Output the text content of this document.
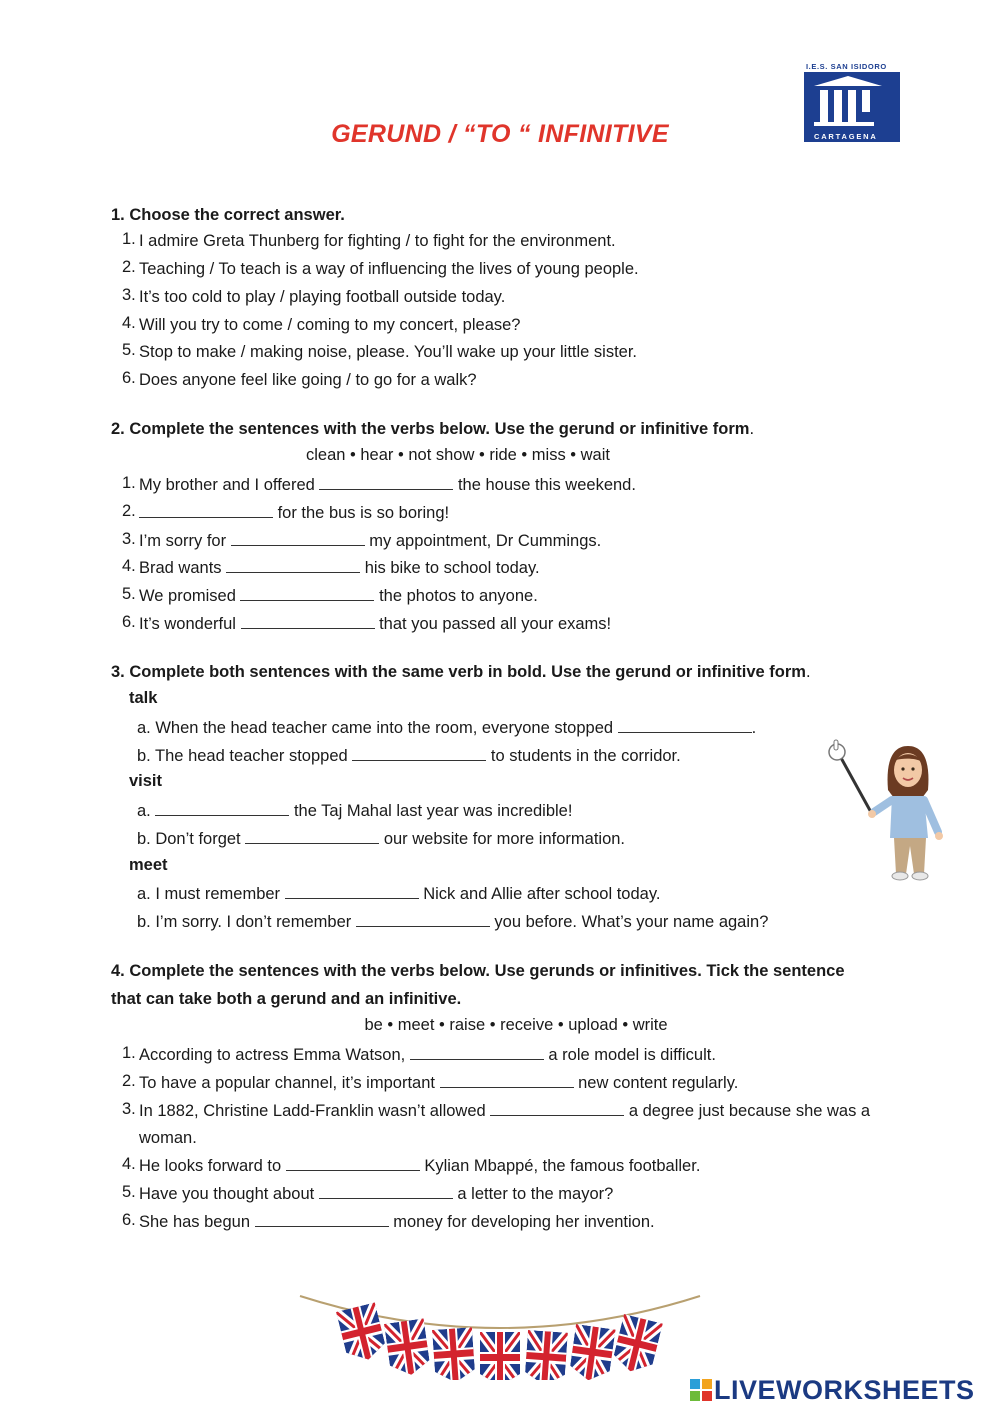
GERUND / “TO “ INFINITIVE
I.E.S. SAN ISIDORO
CARTAGENA
1. Choose the correct answer.
1. I admire Greta Thunberg for fighting / to fight for the environment.
2. Teaching / To teach is a way of influencing the lives of young people.
3. It’s too cold to play / playing football outside today.
4. Will you try to come / coming to my concert, please?
5. Stop to make / making noise, please. You’ll wake up your little sister.
6. Does anyone feel like going / to go for a walk?
2. Complete the sentences with the verbs below. Use the gerund or infinitive form.
clean • hear • not show • ride • miss • wait
1. My brother and I offered	the house this weekend.
2.	for the bus is so boring!
3. I’m sorry for	my appointment, Dr Cummings.
4. Brad wants	his bike to school today.
5. We promised	the photos to anyone.
6. It’s wonderful	that you passed all your exams!
3. Complete both sentences with the same verb in bold. Use the gerund or infinitive form.
talk
a. When the head teacher came into the room, everyone stopped	.
b. The head teacher stopped	to students in the corridor.
visit
a.	the Taj Mahal last year was incredible!
b. Don’t forget	our website for more information.
meet
a. I must remember	Nick and Allie after school today.
b. I’m sorry. I don’t remember	you before. What’s your name again?
4. Complete the sentences with the verbs below. Use gerunds or infinitives. Tick the sentence
that can take both a gerund and an infinitive.
be • meet • raise • receive • upload • write
1. According to actress Emma Watson,	a role model is difficult.
2. To have a popular channel, it’s important	new content regularly.
3. In 1882, Christine Ladd-Franklin wasn’t allowed	a degree just because she was a
woman.
4. He looks forward to	Kylian Mbappé, the famous footballer.
5. Have you thought about	a letter to the mayor?
6. She has begun	money for developing her invention.
LIVEWORKSHEETS
